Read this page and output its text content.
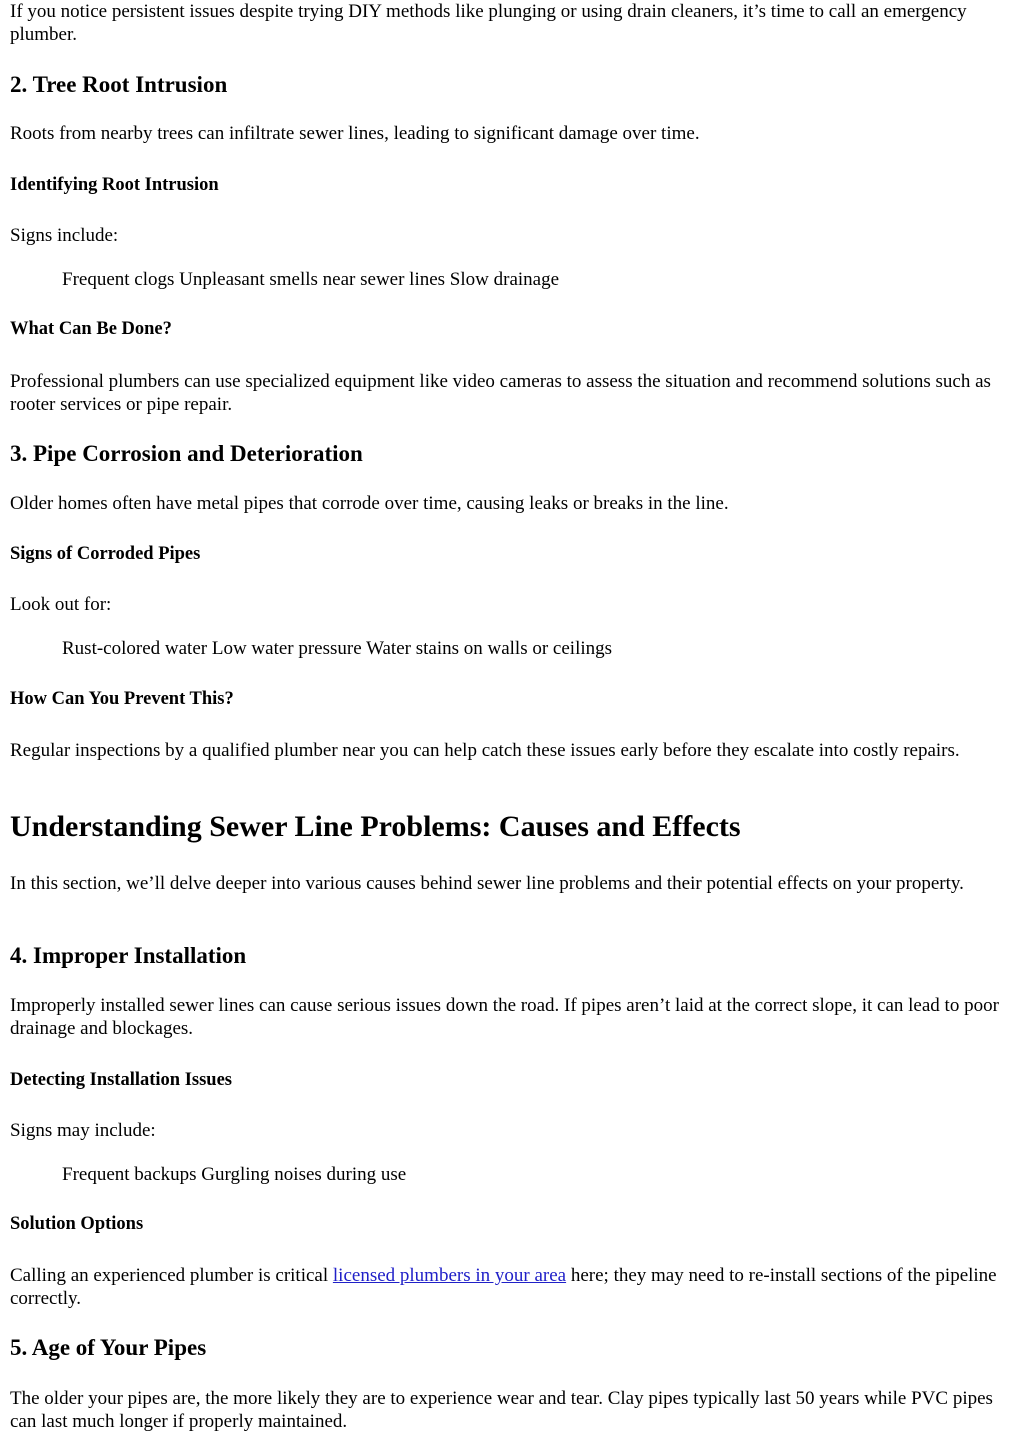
If you notice persistent issues despite trying DIY methods like plunging or using drain cleaners, it’s time to call an emergency plumber.

2. Tree Root Intrusion

Roots from nearby trees can infiltrate sewer lines, leading to significant damage over time.

Identifying Root Intrusion

Signs include:

Frequent clogs Unpleasant smells near sewer lines Slow drainage
What Can Be Done?

Professional plumbers can use specialized equipment like video cameras to assess the situation and recommend solutions such as rooter services or pipe repair.

3. Pipe Corrosion and Deterioration

Older homes often have metal pipes that corrode over time, causing leaks or breaks in the line.

Signs of Corroded Pipes

Look out for:

Rust-colored water Low water pressure Water stains on walls or ceilings
How Can You Prevent This?

Regular inspections by a qualified plumber near you can help catch these issues early before they escalate into costly repairs.

Understanding Sewer Line Problems: Causes and Effects

In this section, we’ll delve deeper into various causes behind sewer line problems and their potential effects on your property.

4. Improper Installation

Improperly installed sewer lines can cause serious issues down the road. If pipes aren’t laid at the correct slope, it can lead to poor drainage and blockages.

Detecting Installation Issues

Signs may include:

Frequent backups Gurgling noises during use
Solution Options

Calling an experienced plumber is critical licensed plumbers in your area here; they may need to re-install sections of the pipeline correctly.

5. Age of Your Pipes

The older your pipes are, the more likely they are to experience wear and tear. Clay pipes typically last 50 years while PVC pipes can last much longer if properly maintained.
